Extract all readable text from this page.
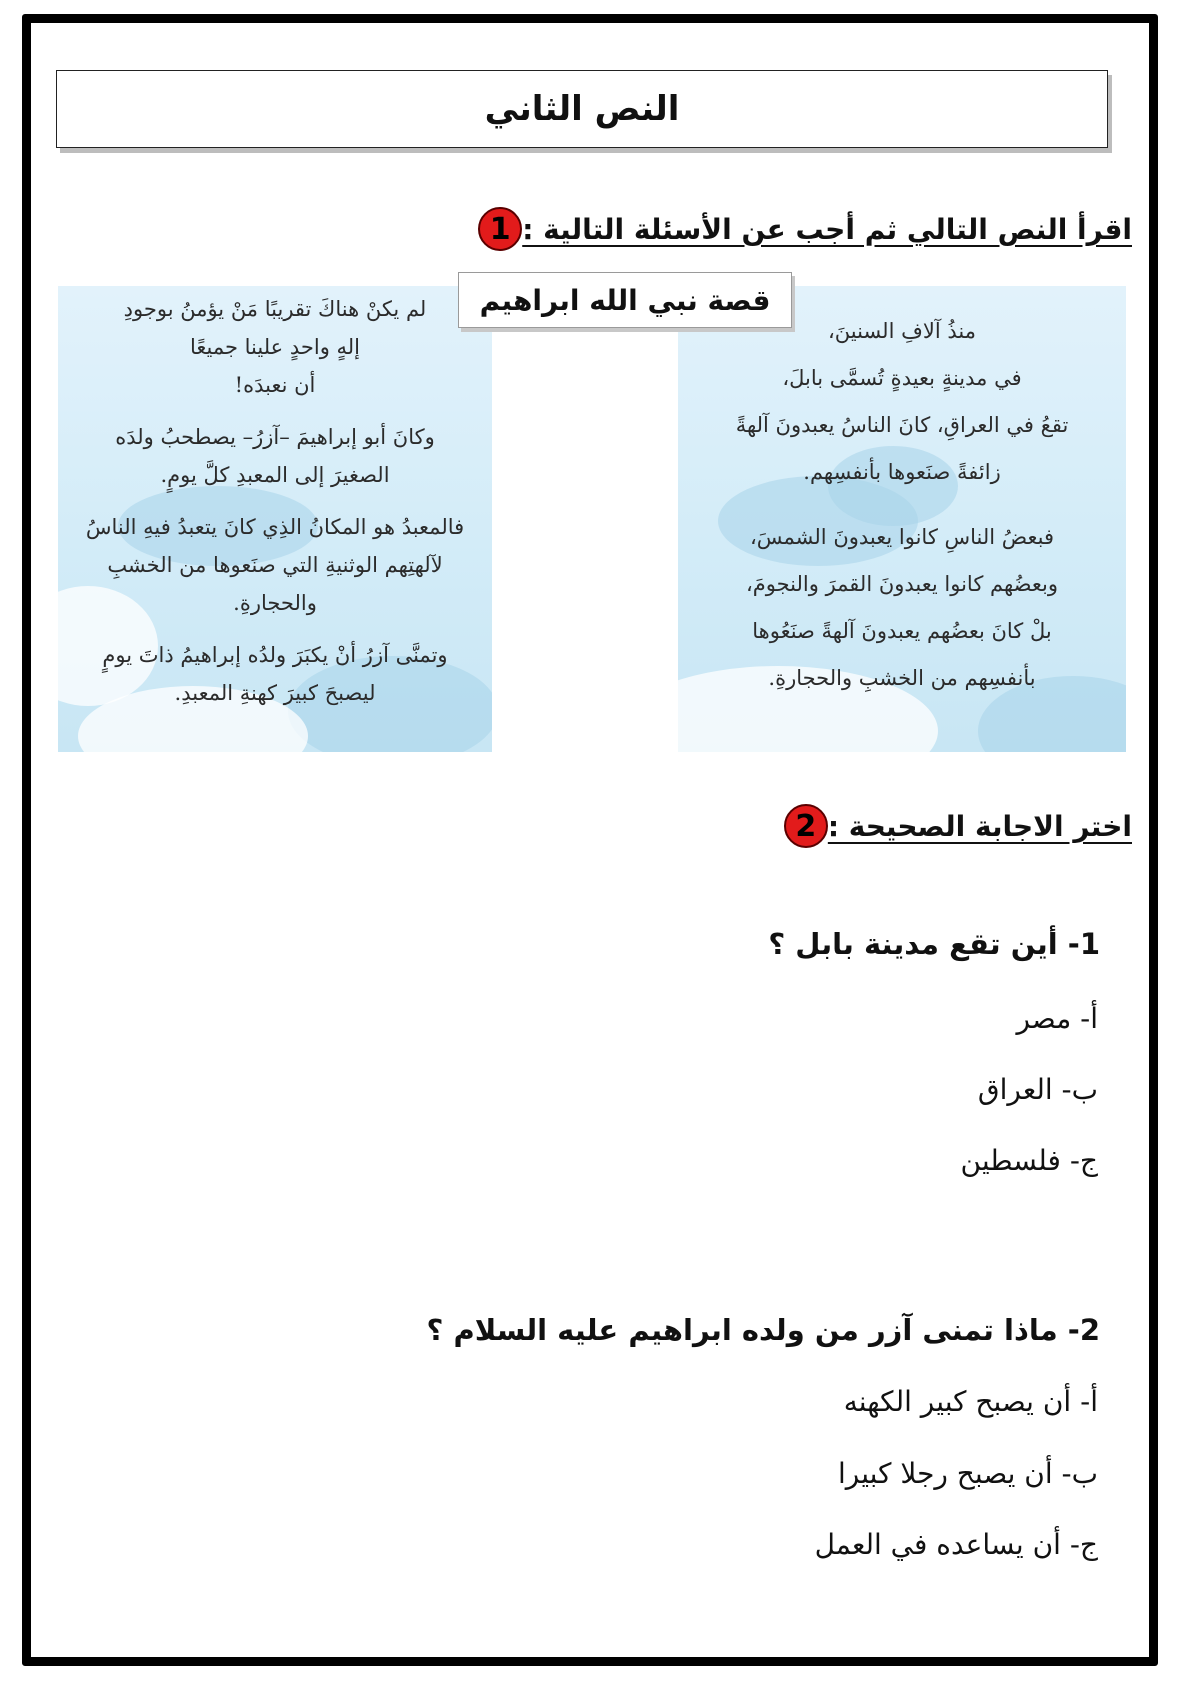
النص الثاني
1 اقرأ النص التالي ثم أجب عن الأسئلة التالية :
منذُ آلافِ السنينَ،
في مدينةٍ بعيدةٍ تُسمَّى بابلَ،
تقعُ في العراقِ، كانَ الناسُ يعبدونَ آلهةً
زائفةً صنَعوها بأنفسِهم.
فبعضُ الناسِ كانوا يعبدونَ الشمسَ،
وبعضُهم كانوا يعبدونَ القمرَ والنجومَ،
بلْ كانَ بعضُهم يعبدونَ آلهةً صنَعُوها
بأنفسِهم من الخشبِ والحجارةِ.
لم يكنْ هناكَ تقريبًا مَنْ يؤمنُ بوجودِ
إلهٍ واحدٍ علينا جميعًا
أن نعبدَه!
وكانَ أبو إبراهيمَ –آزرُ– يصطحبُ ولدَه
الصغيرَ إلى المعبدِ كلَّ يومٍ.
فالمعبدُ هو المكانُ الذِي كانَ يتعبدُ فيهِ الناسُ
لآلهتِهم الوثنيةِ التي صنَعوها من الخشبِ
والحجارةِ.
وتمنَّى آزرُ أنْ يكبَرَ ولدُه إبراهيمُ ذاتَ يومٍ
ليصبحَ كبيرَ كهنةِ المعبدِ.
قصة نبي الله ابراهيم
2 اختر الاجابة الصحيحة :
1- أين تقع مدينة بابل ؟
أ- مصر
ب- العراق
ج- فلسطين
2- ماذا تمنى آزر من ولده ابراهيم عليه السلام ؟
أ- أن يصبح كبير الكهنه
ب- أن يصبح رجلا كبيرا
ج- أن يساعده في العمل
